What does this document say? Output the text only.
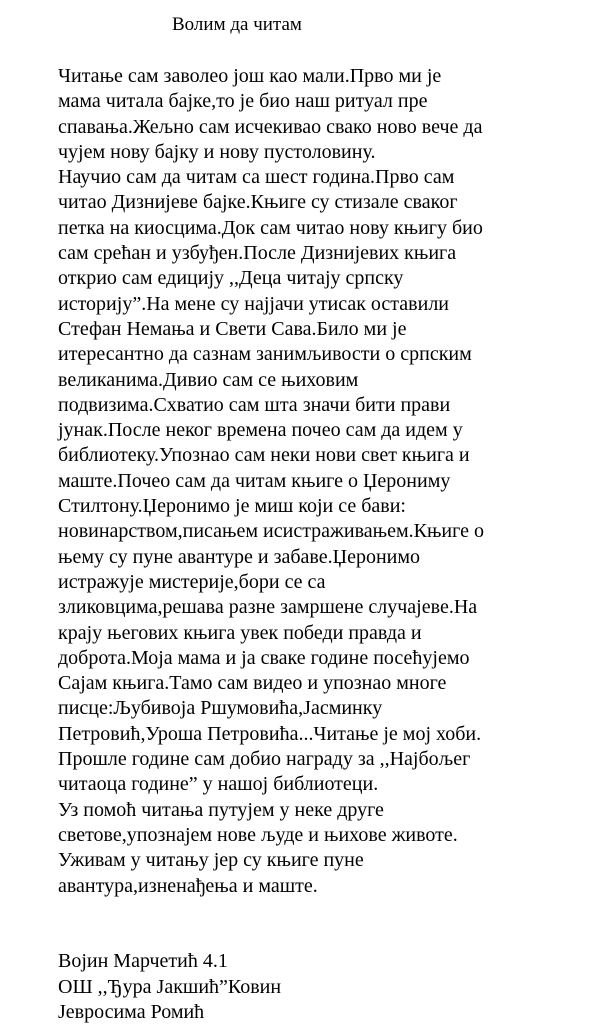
Волим да читам
Читање сам заволео још као мали.Прво ми је
мама читала бајке,то је био наш ритуал пре
спавања.Жељно сам исчекивао свако ново вече да
чујем нову бајку и нову пустоловину.
Научио сам да читам са шест година.Прво сам
читао Дизнијеве бајке.Књиге су стизале сваког
петка на киосцима.Док сам читао нову књигу био
сам срећан и узбуђен.После Дизнијевих књига
открио сам едицију ,,Деца читају српску
историју”.На мене су најјачи утисак оставили
Стефан Немања и Свети Сава.Било ми је
итересантно да сазнам занимљивости о српским
великанима.Дивио сам се њиховим
подвизима.Схватио сам шта значи бити прави
јунак.После неког времена почео сам да идем у
библиотеку.Упознао сам неки нови свет књига и
маште.Почео сам да читам књиге о Џерониму
Стилтону.Џеронимо је миш који се бави:
новинарством,писањем исистраживањем.Књиге о
њему су пуне авантуре и забаве.Џеронимо
истражује мистерије,бори се са
зликовцима,решава разне замршене случајеве.На
крају његових књига увек победи правда и
доброта.Моја мама и ја сваке године посећујемо
Сајам књига.Тамо сам видео и упознао многе
писце:Љубивоја Ршумовића,Јасминку
Петровић,Уроша Петровића...Читање је мој хоби.
Прошле године сам добио награду за ,,Најбољег
читаоца године” у нашој библиотеци.
Уз помоћ читања путујем у неке друге
светове,упознајем нове људе и њихове животе.
Уживам у читању јер су књиге пуне
авантура,изненађења и маште.
Војин Марчетић 4.1
ОШ ,,Ђура Јакшић”Ковин
Јевросима Ромић
